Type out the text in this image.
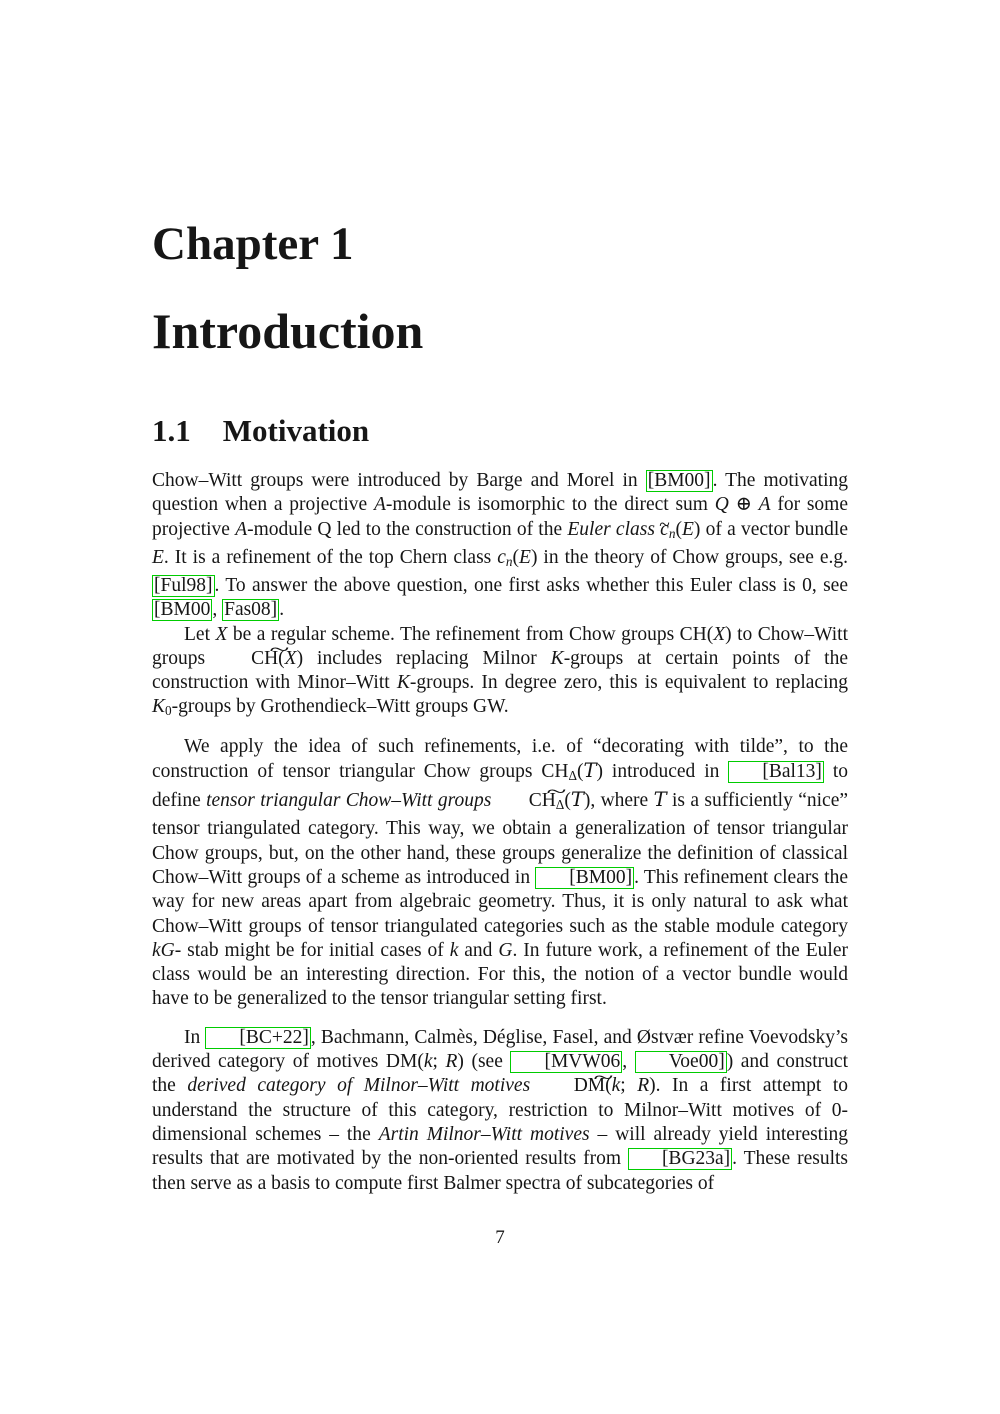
Chapter 1
Introduction
1.1 Motivation

Chow–Witt groups were introduced by Barge and Morel in [BM00] . The motivating question when a projective A-module is isomorphic to the direct sum Q ⊕ A for some projective A-module Q led to the construction of the Euler class ~ cn(E) of a vector bundle E. It is a refinement of the top Chern class cn(E) in the theory of Chow groups, see e.g. [Ful98] . To answer the above question, one first asks whether this Euler class is 0, see [BM00 , Fas08] .

Let X be a regular scheme. The refinement from Chow groups CH(X) to Chow–Witt groups ~ CH(X) includes replacing Milnor K-groups at certain points of the construction with Minor–Witt K-groups. In degree zero, this is equivalent to replacing K0-groups by Grothendieck–Witt groups GW.

We apply the idea of such refinements, i.e. of “decorating with tilde”, to the construction of tensor triangular Chow groups CHΔ(T) introduced in [Bal13] to define tensor triangular Chow–Witt groups ~ CHΔ(T), where T is a sufficiently “nice” tensor triangulated category. This way, we obtain a generalization of tensor triangular Chow groups, but, on the other hand, these groups generalize the definition of classical Chow–Witt groups of a scheme as introduced in [BM00] . This refinement clears the way for new areas apart from algebraic geometry. Thus, it is only natural to ask what Chow–Witt groups of tensor triangulated categories such as the stable module category kG- stab might be for initial cases of k and G. In future work, a refinement of the Euler class would be an interesting direction. For this, the notion of a vector bundle would have to be generalized to the tensor triangular setting first.

In [BC+22] , Bachmann, Calmès, Déglise, Fasel, and Østvær refine Voevodsky’s derived category of motives DM(k; R) (see [MVW06 , Voe00] ) and construct the derived category of Milnor–Witt motives ~ DM(k; R). In a first attempt to understand the structure of this category, restriction to Milnor–Witt motives of 0-dimensional schemes – the Artin Milnor–Witt motives – will already yield interesting results that are motivated by the non-oriented results from [BG23a] . These results then serve as a basis to compute first Balmer spectra of subcategories of

7
